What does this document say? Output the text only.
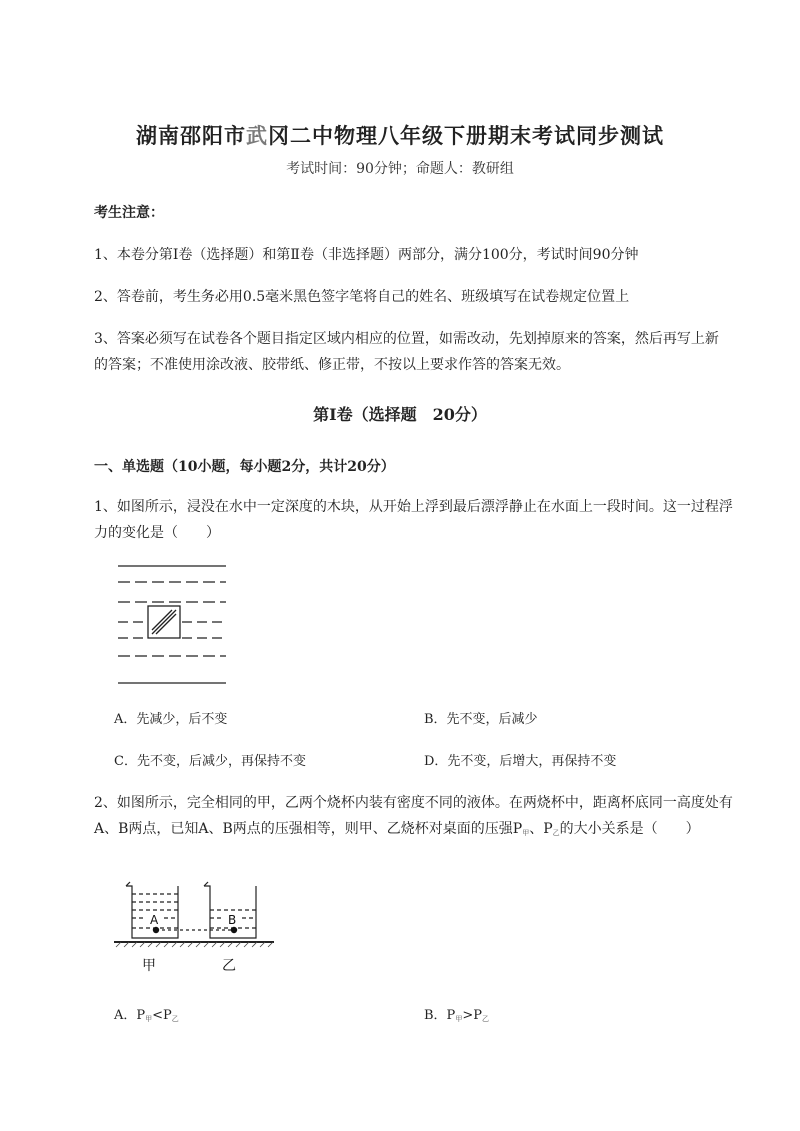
湖南邵阳市武冈二中物理八年级下册期末考试同步测试
考试时间：90分钟；命题人：教研组
考生注意：
1、本卷分第I卷（选择题）和第Ⅱ卷（非选择题）两部分，满分100分，考试时间90分钟
2、答卷前，考生务必用0.5毫米黑色签字笔将自己的姓名、班级填写在试卷规定位置上
3、答案必须写在试卷各个题目指定区域内相应的位置，如需改动，先划掉原来的答案，然后再写上新的答案；不准使用涂改液、胶带纸、修正带，不按以上要求作答的答案无效。
第I卷（选择题　20分）
一、单选题（10小题，每小题2分，共计20分）
1、如图所示，浸没在水中一定深度的木块，从开始上浮到最后漂浮静止在水面上一段时间。这一过程浮力的变化是（　　）
A．先减少，后不变	B．先不变，后减少
C．先不变，后减少，再保持不变	D．先不变，后增大，再保持不变
2、如图所示，完全相同的甲，乙两个烧杯内装有密度不同的液体。在两烧杯中，距离杯底同一高度处有A、B两点，已知A、B两点的压强相等，则甲、乙烧杯对桌面的压强$P_甲$、$P_乙$的大小关系是（　　）
A	B
甲	乙
A．$P_甲<P_乙$	B．$P_甲>P_乙$
